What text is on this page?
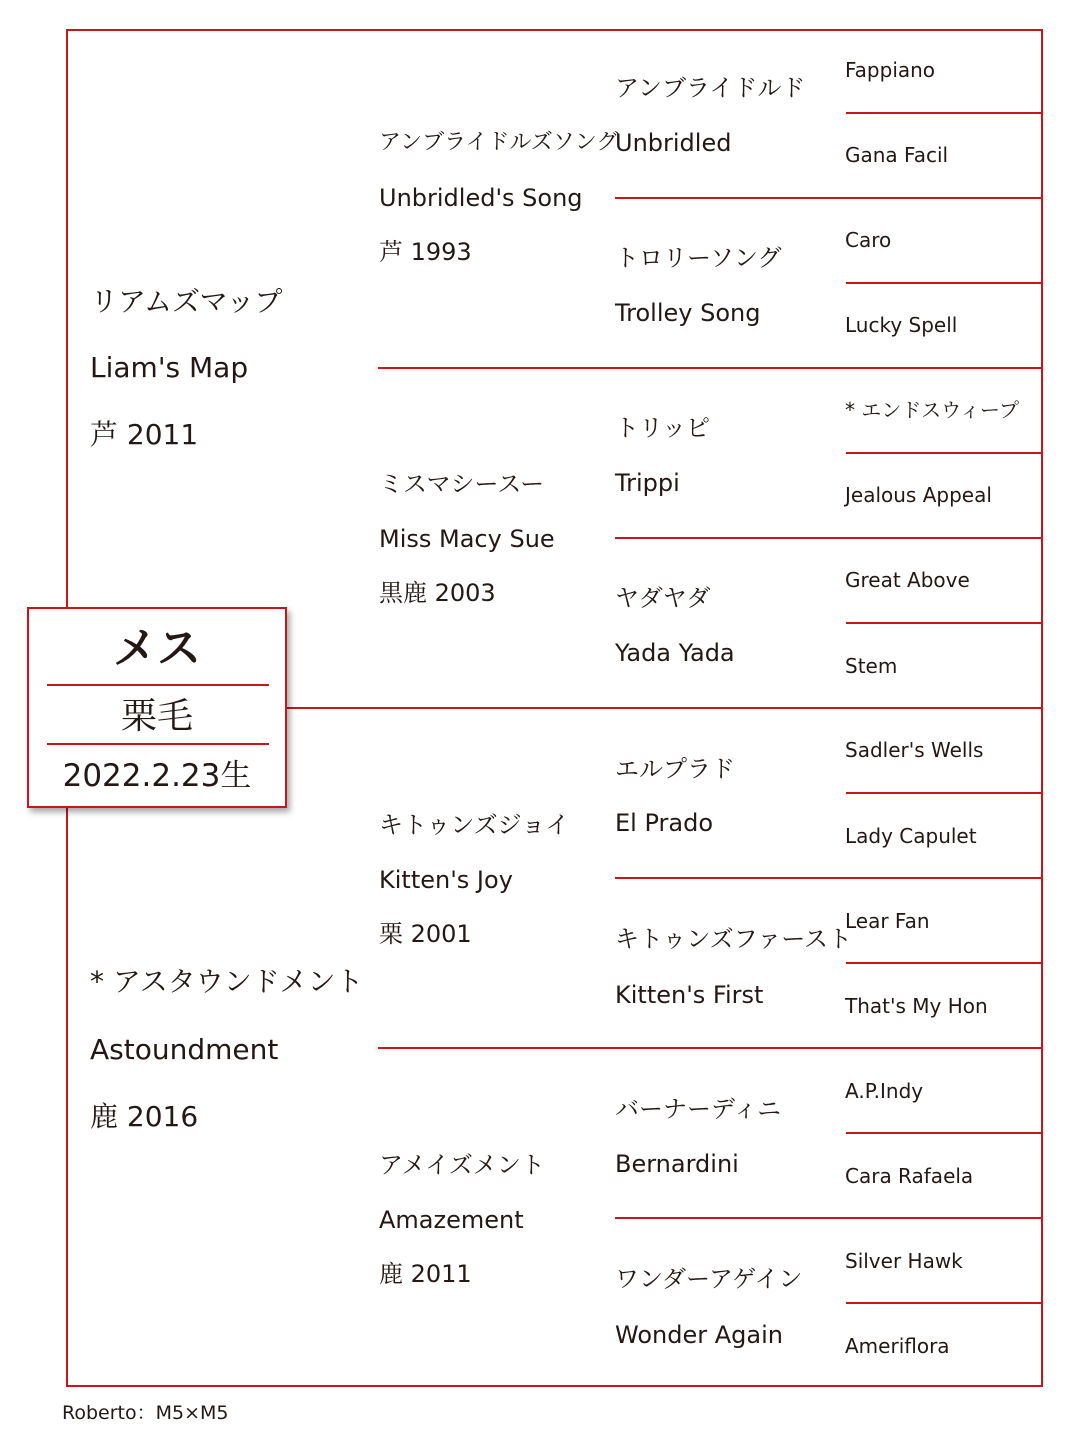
リアムズマップ
Liam's Map
芦 2011
* アスタウンドメント
Astoundment
鹿 2016
アンブライドルズソング
Unbridled's Song
芦 1993
ミスマシースー
Miss Macy Sue
黒鹿 2003
キトゥンズジョイ
Kitten's Joy
栗 2001
アメイズメント
Amazement
鹿 2011
アンブライドルド
Unbridled
トロリーソング
Trolley Song
トリッピ
Trippi
ヤダヤダ
Yada Yada
エルプラド
El Prado
キトゥンズファースト
Kitten's First
バーナーディニ
Bernardini
ワンダーアゲイン
Wonder Again
Fappiano
Gana Facil
Caro
Lucky Spell
* エンドスウィープ
Jealous Appeal
Great Above
Stem
Sadler's Wells
Lady Capulet
Lear Fan
That's My Hon
A.P.Indy
Cara Rafaela
Silver Hawk
Ameriflora
メス
栗毛
2022.2.23生
Roberto：M5×M5
